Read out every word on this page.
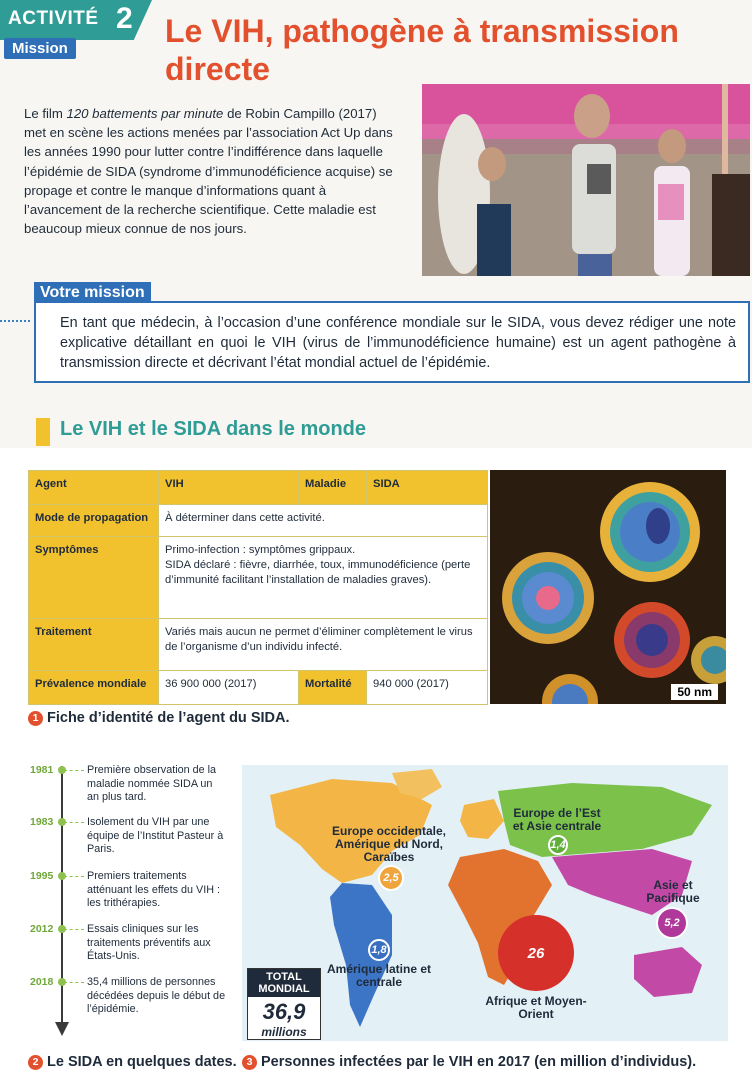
ACTIVITÉ 2
Mission	Le VIH, pathogène à transmission directe

Le film 120 battements par minute de Robin Campillo (2017) met en scène les actions menées par l’association Act Up dans les années 1990 pour lutter contre l’indifférence dans laquelle l’épidémie de SIDA (syndrome d’immunodéficience acquise) se propage et contre le manque d’informations quant à l’avancement de la recherche scientifique. Cette maladie est beaucoup mieux connue de nos jours.

Votre mission

En tant que médecin, à l’occasion d’une conférence mondiale sur le SIDA, vous devez rédiger une note explicative détaillant en quoi le VIH (virus de l’immunodéficience humaine) est un agent pathogène à transmission directe et décrivant l’état mondial actuel de l’épidémie.

Le VIH et le SIDA dans le monde
Agent	VIH	Maladie	SIDA
Mode de propagation	À déterminer dans cette activité.		
Symptômes	Primo-infection : symptômes grippaux.
SIDA déclaré : fièvre, diarrhée, toux, immunodéficience (perte d’immunité facilitant l’installation de maladies graves).		
Traitement	Variés mais aucun ne permet d’éliminer complètement le virus de l’organisme d’un individu infecté.		
Prévalence mondiale	36 900 000 (2017)	Mortalité	940 000 (2017)
50 nm
1 Fiche d’identité de l’agent du SIDA.
1981	Première observation de la maladie nommée SIDA un an plus tard.

1983	Isolement du VIH par une équipe de l’Institut Pasteur à Paris.

1995	Premiers traitements atténuant les effets du VIH : les trithérapies.

2012	Essais cliniques sur les traitements préventifs aux États-Unis.

2018	35,4 millions de personnes décédées depuis le début de l’épidémie.

2 Le SIDA en quelques dates.
Europe occidentale, Amérique du Nord, Caraïbes
2,5
Europe de l’Est et Asie centrale
1,4
Asie et Pacifique
5,2
Amérique latine et centrale
1,8	26
Afrique et Moyen-Orient
TOTAL MONDIAL
36,9
millions
3 Personnes infectées par le VIH en 2017 (en million d’individus).
